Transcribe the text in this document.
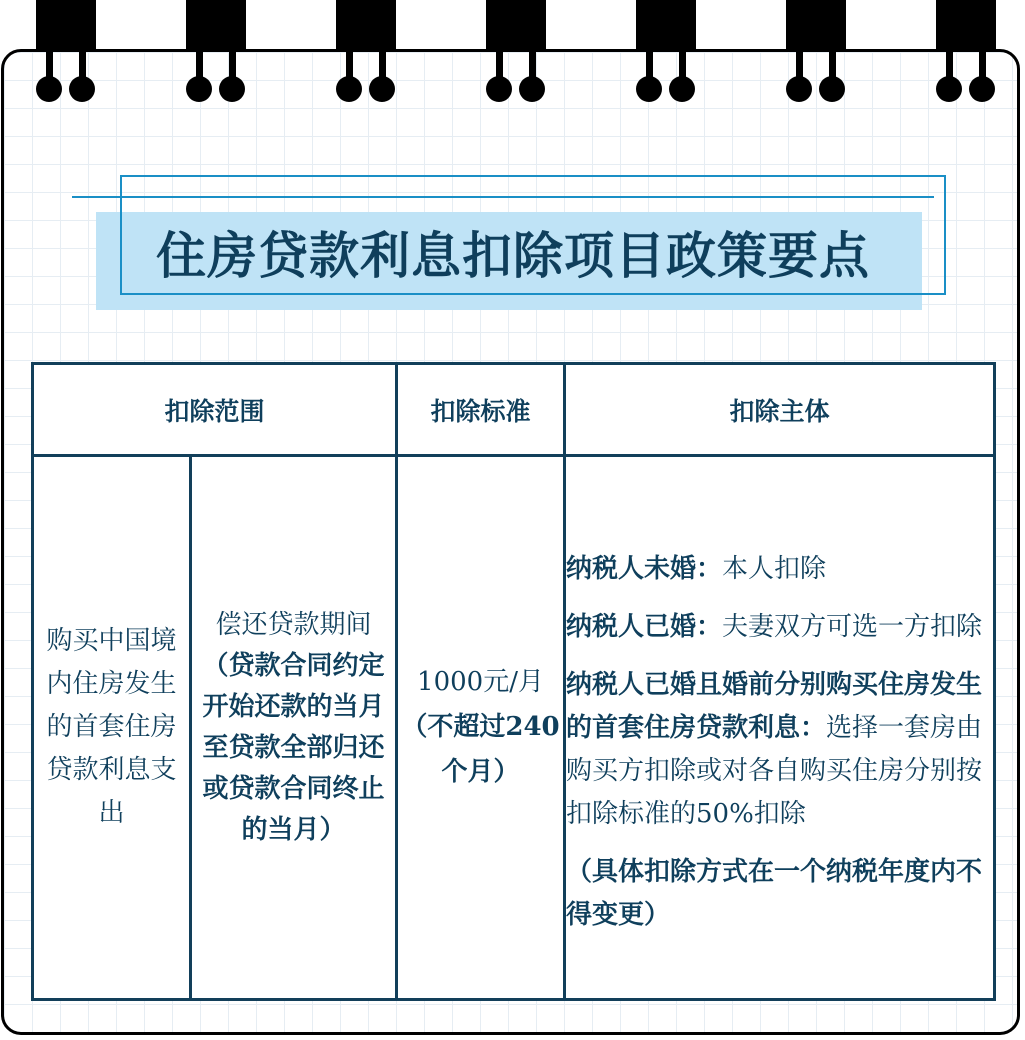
住房贷款利息扣除项目政策要点
扣除范围		扣除标准	扣除主体
购买中国境内住房发生的首套住房贷款利息支出	偿还贷款期间 （贷款合同约定开始还款的当月至贷款全部归还或贷款合同终止的当月）	1000元/月 （不超过240个月）	纳税人未婚：本人扣除

纳税人已婚：夫妻双方可选一方扣除

纳税人已婚且婚前分别购买住房发生的首套住房贷款利息：选择一套房由购买方扣除或对各自购买住房分别按扣除标准的50%扣除

（具体扣除方式在一个纳税年度内不得变更）
